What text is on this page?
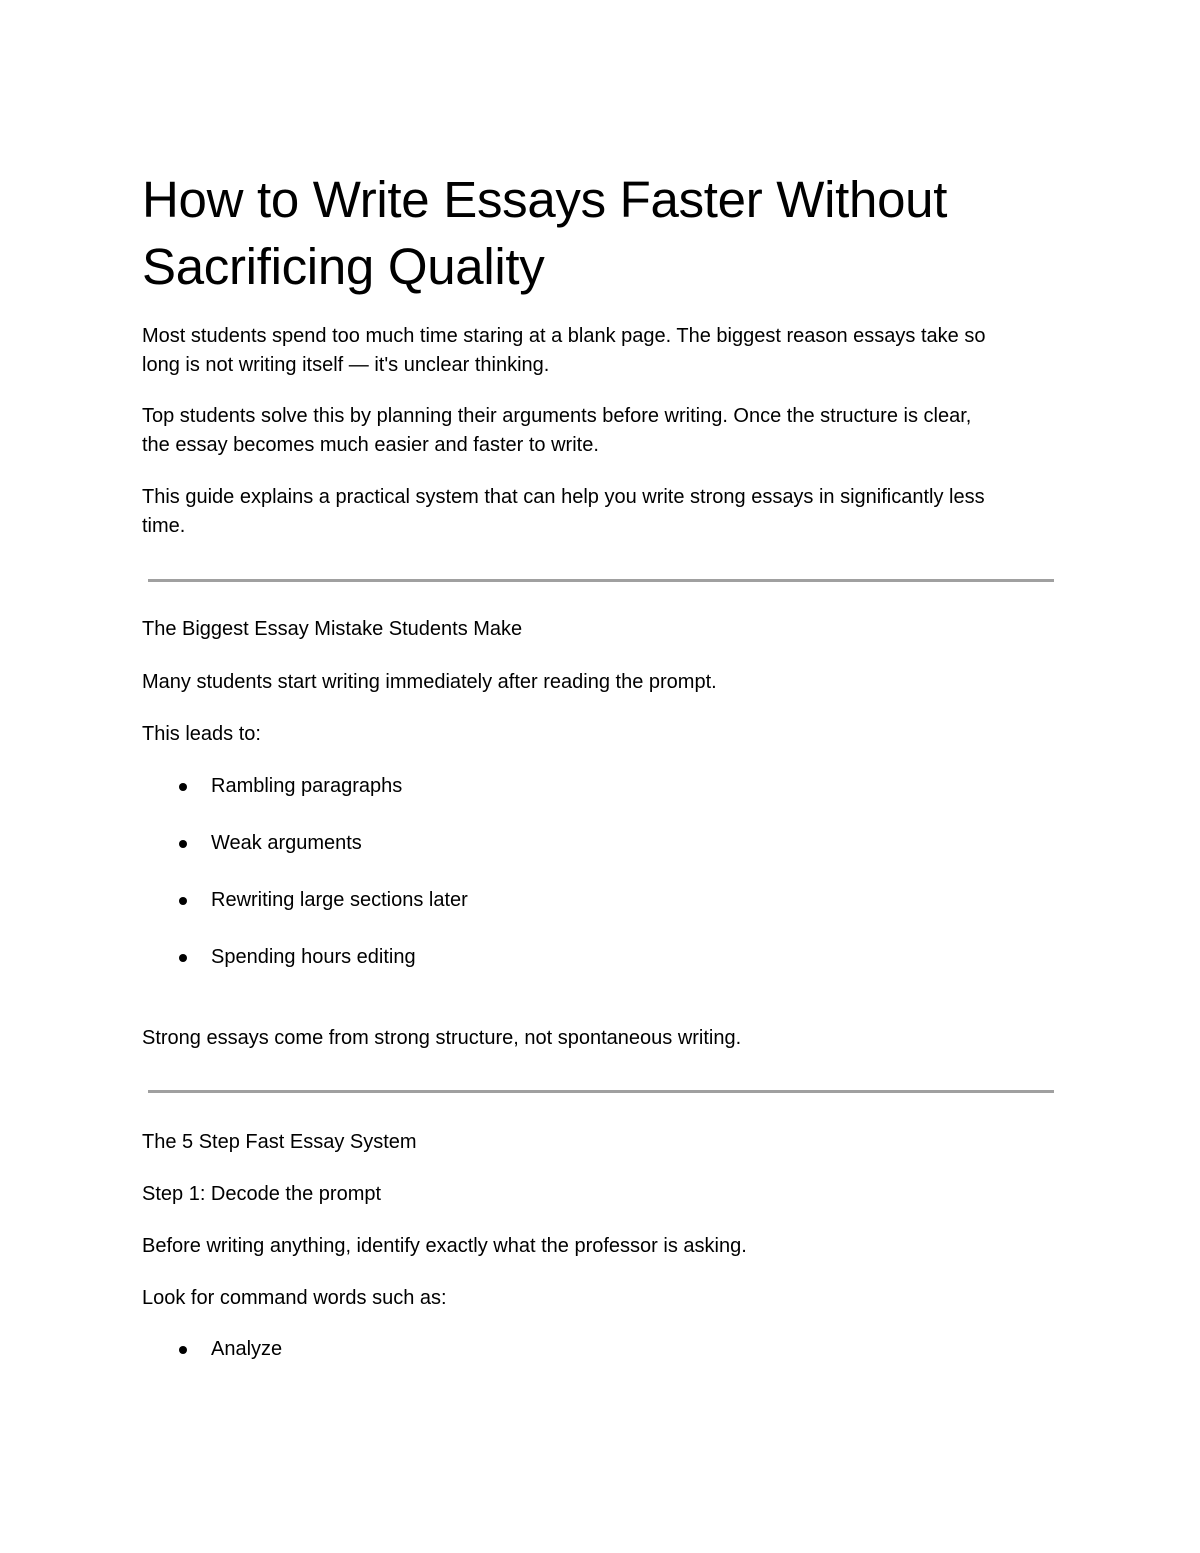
How to Write Essays Faster Without Sacrificing Quality

Most students spend too much time staring at a blank page. The biggest reason essays take so

long is not writing itself — it's unclear thinking.

Top students solve this by planning their arguments before writing. Once the structure is clear,

the essay becomes much easier and faster to write.

This guide explains a practical system that can help you write strong essays in significantly less

time.

The Biggest Essay Mistake Students Make

Many students start writing immediately after reading the prompt.

This leads to:

Rambling paragraphs
Weak arguments
Rewriting large sections later
Spending hours editing

Strong essays come from strong structure, not spontaneous writing.

The 5 Step Fast Essay System

Step 1: Decode the prompt

Before writing anything, identify exactly what the professor is asking.

Look for command words such as:

Analyze
